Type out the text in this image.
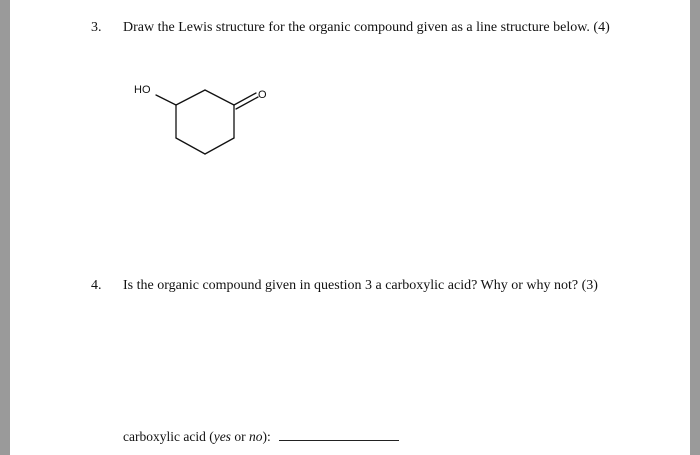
3. Draw the Lewis structure for the organic compound given as a line structure below. (4)
HO	O
4. Is the organic compound given in question 3 a carboxylic acid? Why or why not? (3)
carboxylic acid (yes or no):
